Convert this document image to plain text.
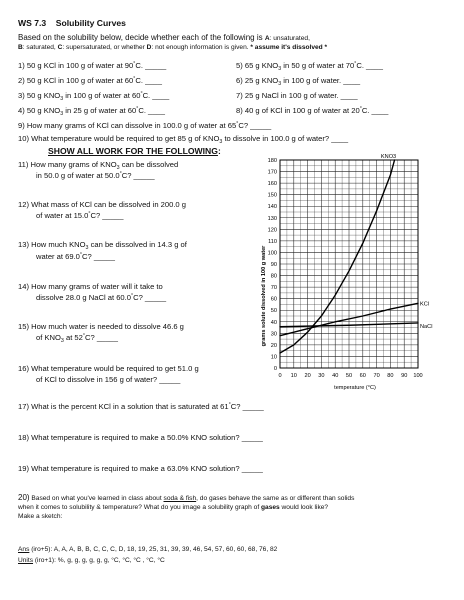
WS 7.3 Solubility Curves
Based on the solubility below, decide whether each of the following is A: unsaturated,
B: saturated, C: supersaturated, or whether D: not enough information is given. * assume it's dissolved *
1) 50 g KCl in 100 g of water at 90°C. _____	5) 65 g $KNO_3$ in 50 g of water at 70°C. ____
2) 50 g KCl in 100 g of water at 60°C. ____	6) 25 g $KNO_3$ in 100 g of water. ____
3) 50 g $KNO_3$ in 100 g of water at 60°C. ____	7) 25 g NaCl in 100 g of water. ____
4) 50 g $KNO_3$ in 25 g of water at 60°C. ____	8) 40 g of KCl in 100 g of water at 20°C. ____
9) How many grams of KCl can dissolve in 100.0 g of water at 65°C? _____
10) What temperature would be required to get 85 g of $KNO_3$ to dissolve in 100.0 g of water? ____
SHOW ALL WORK FOR THE FOLLOWING:
11) How many grams of $KNO_3$ can be dissolved
in 50.0 g of water at 50.0°C? _____
12) What mass of KCl can be dissolved in 200.0 g
of water at 15.0°C? _____
13) How much $KNO_3$ can be dissolved in 14.3 g of
water at 69.0°C? _____
14) How many grams of water will it take to
dissolve 28.0 g NaCl at 60.0°C? _____
15) How much water is needed to dissolve 46.6 g
of $KNO_3$ at 52°C? _____
16) What temperature would be required to get 51.0 g
of KCl to dissolve in 156 g of water? _____
17) What is the percent KCl in a solution that is saturated at 61°C? _____
18) What temperature is required to make a 50.0% KNO solution? _____
19) What temperature is required to make a 63.0% KNO solution? _____
20) Based on what you've learned in class about soda & fish, do gases behave the same as or different than solids
when it comes to solubility & temperature? What do you image a solubility graph of gases would look like?
Make a sketch:
Ans (iro+5): A, A, A, B, B, C, C, C, D, 18, 19, 25, 31, 39, 39, 46, 54, 57, 60, 60, 68, 76, 82
Units (iro+1): %, g, g, g, g, g, g, °C, °C, °C , °C, °C
0
10
20
30
40
50
60
70
80
90
100
110
120
130
140
150
160
170
180
0 10 20 30 40 50 60 70 80 90 100
KNO3
KCl
NaCl
grams solute dissolved in 100 g water
temperature (°C)
